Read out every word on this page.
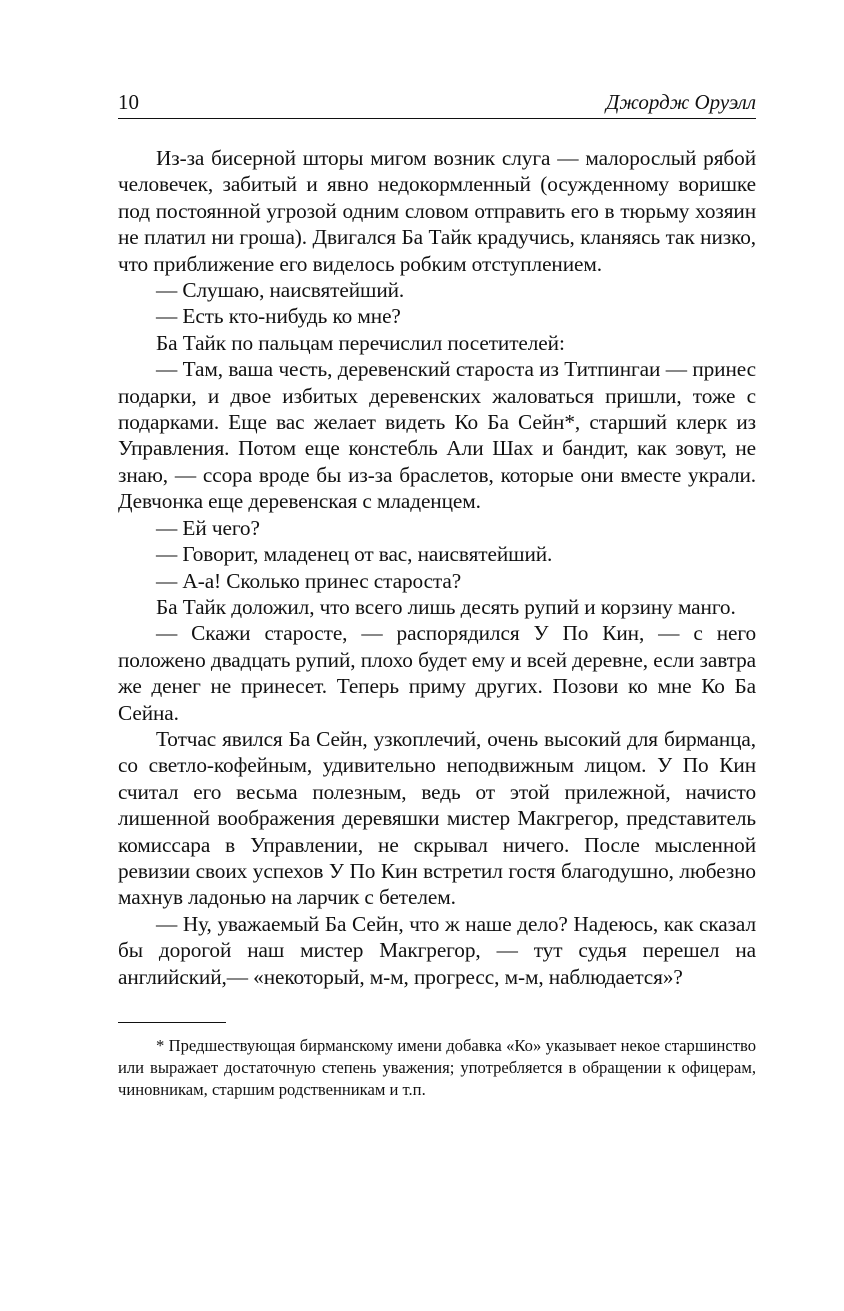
10	Джордж Оруэлл

Из-за бисерной шторы мигом возник слуга — малорослый рябой человечек, забитый и явно недокормленный (осужденному воришке под постоянной угрозой одним словом отправить его в тюрьму хозяин не платил ни гроша). Двигался Ба Тайк крадучись, кланяясь так низко, что приближение его виделось робким отступлением.

— Слушаю, наисвятейший.

— Есть кто-нибудь ко мне?

Ба Тайк по пальцам перечислил посетителей:

— Там, ваша честь, деревенский староста из Титпингаи — принес подарки, и двое избитых деревенских жаловаться пришли, тоже с подарками. Еще вас желает видеть Ко Ба Сейн*, старший клерк из Управления. Потом еще констебль Али Шах и бандит, как зовут, не знаю, — ссора вроде бы из-за браслетов, которые они вместе украли. Девчонка еще деревенская с младенцем.

— Ей чего?

— Говорит, младенец от вас, наисвятейший.

— А-а! Сколько принес староста?

Ба Тайк доложил, что всего лишь десять рупий и корзину манго.

— Скажи старосте, — распорядился У По Кин, — с него положено двадцать рупий, плохо будет ему и всей деревне, если завтра же денег не принесет. Теперь приму других. Позови ко мне Ко Ба Сейна.

Тотчас явился Ба Сейн, узкоплечий, очень высокий для бирманца, со светло-кофейным, удивительно неподвижным лицом. У По Кин считал его весьма полезным, ведь от этой прилежной, начисто лишенной воображения деревяшки мистер Макгрегор, представитель комиссара в Управлении, не скрывал ничего. После мысленной ревизии своих успехов У По Кин встретил гостя благодушно, любезно махнув ладонью на ларчик с бетелем.

— Ну, уважаемый Ба Сейн, что ж наше дело? Надеюсь, как сказал бы дорогой наш мистер Макгрегор, — тут судья перешел на английский,— «некоторый, м-м, прогресс, м-м, наблюдается»?

* Предшествующая бирманскому имени добавка «Ко» указывает некое старшинство или выражает достаточную степень уважения; употребляется в обращении к офицерам, чиновникам, старшим родственникам и т.п.
